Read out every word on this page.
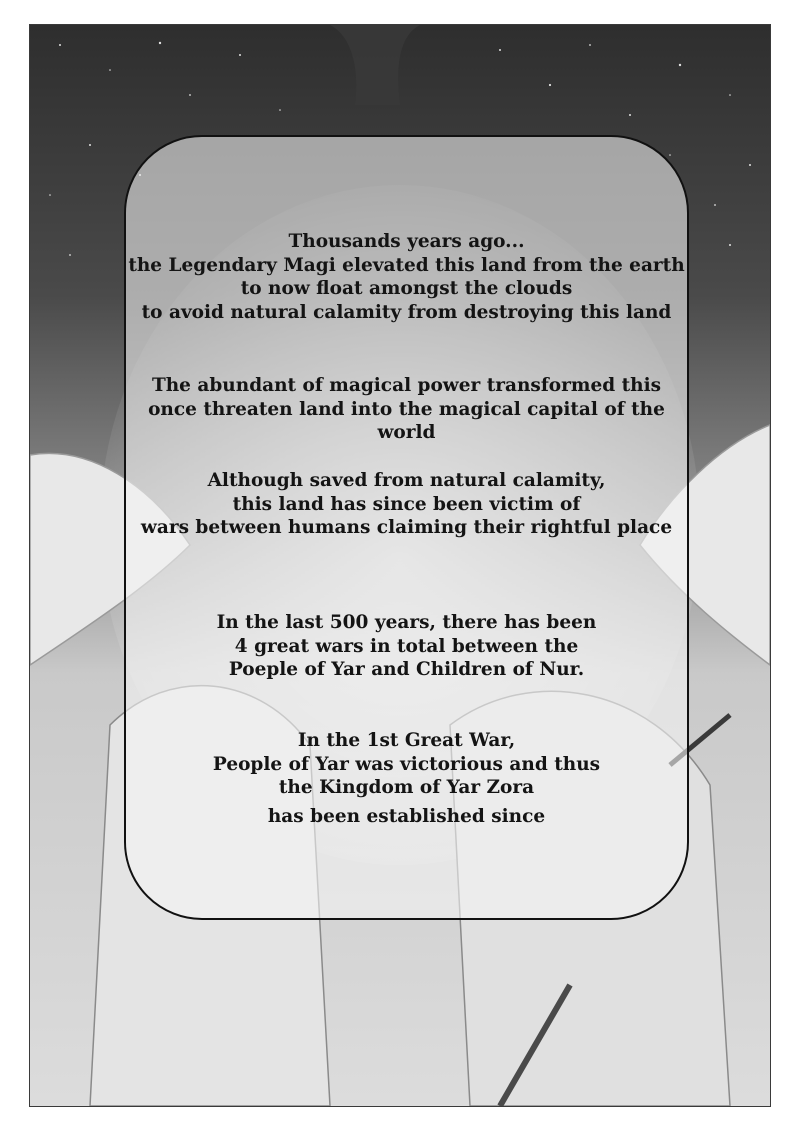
Thousands years ago...
the Legendary Magi elevated this land from the earth
to now float amongst the clouds
to avoid natural calamity from destroying this land

The abundant of magical power transformed this
once threaten land into the magical capital of the world

Although saved from natural calamity,
this land has since been victim of
wars between humans claiming their rightful place

In the last 500 years, there has been
4 great wars in total between the
Poeple of Yar and Children of Nur.

In the 1st Great War,
People of Yar was victorious and thus
the Kingdom of Yar Zora
has been established since
